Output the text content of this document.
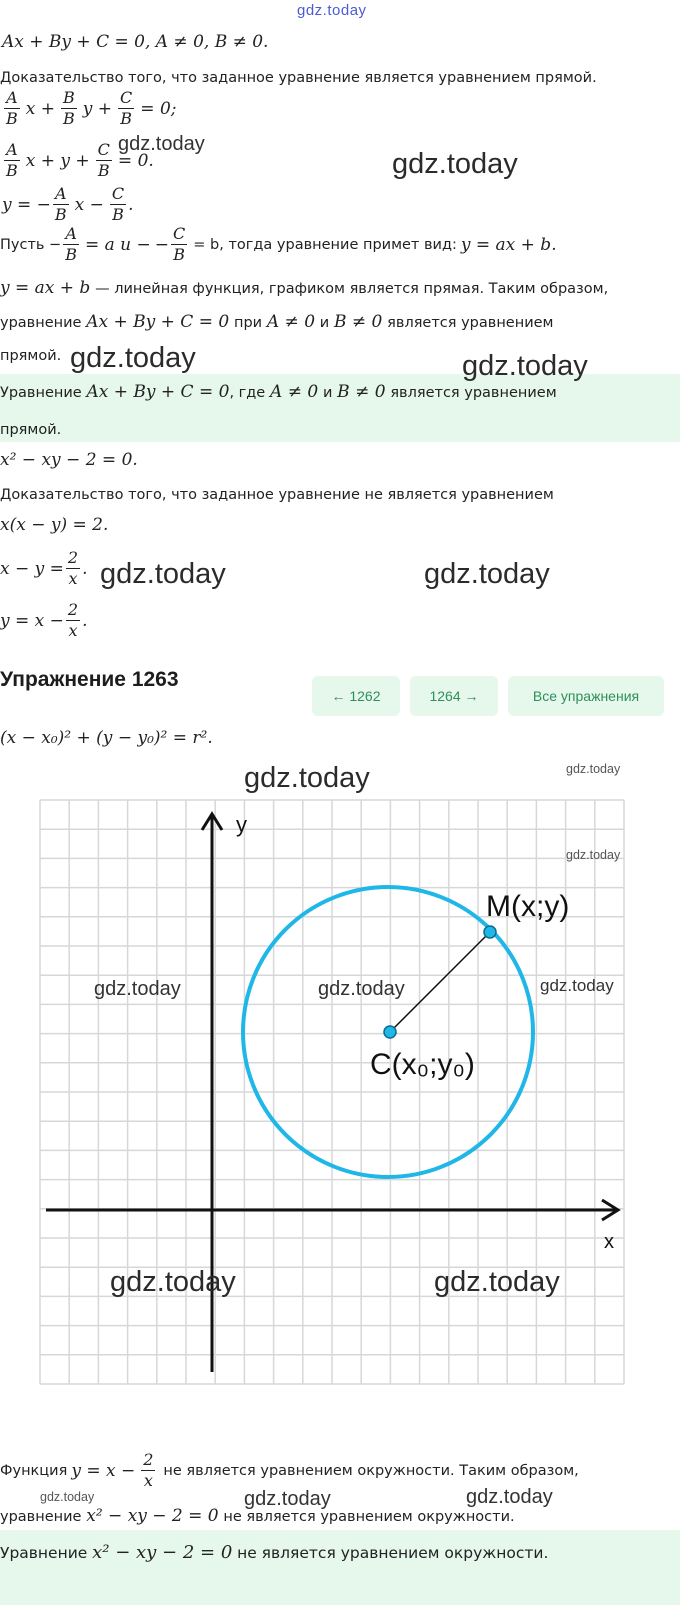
gdz.today
Ax + By + C = 0, A ≠ 0, B ≠ 0.
Доказательство того, что заданное уравнение является уравнением прямой.
$\frac{A}{B}$ $x + \frac{B}{B}$ $y + \frac{C}{B} = 0$;
$\frac{A}{B}$ $x + y + \frac{C}{B} = 0$.
y = − $\frac{A}{B}$ $x - \frac{C}{B}$ .
Пусть − $\frac{A}{B} = a$ и − − $\frac{C}{B} = b$, тогда уравнение примет вид: y = ax + b.
y = ax + b — линейная функция, графиком является прямая. Таким образом,
уравнение Ax + By + C = 0 при A ≠ 0 и B ≠ 0 является уравнением
прямой.
Уравнение Ax + By + C = 0, где A ≠ 0 и B ≠ 0 является уравнением
прямой.
x² − xy − 2 = 0.
Доказательство того, что заданное уравнение не является уравнением
x(x − y) = 2.
$x - y = \frac{2}{x}$ .
$y = x - \frac{2}{x}$ .
Упражнение 1263
← 1262	1264 →	Все упражнения
(x − x₀)² + (y − y₀)² = r².
y
x
M(x;y)
C(x₀;y₀)
Функция $y = x - \frac{2}{x}$ не является уравнением окружности. Таким образом,
уравнение x² − xy − 2 = 0 не является уравнением окружности.
Уравнение x² − xy − 2 = 0 не является уравнением окружности.
gdz.today
gdz.today
gdz.today	gdz.today
gdz.today	gdz.today
gdz.today	gdz.today
gdz.today
gdz.today	gdz.today	gdz.today
gdz.today	gdz.today
gdz.today	gdz.today	gdz.today
